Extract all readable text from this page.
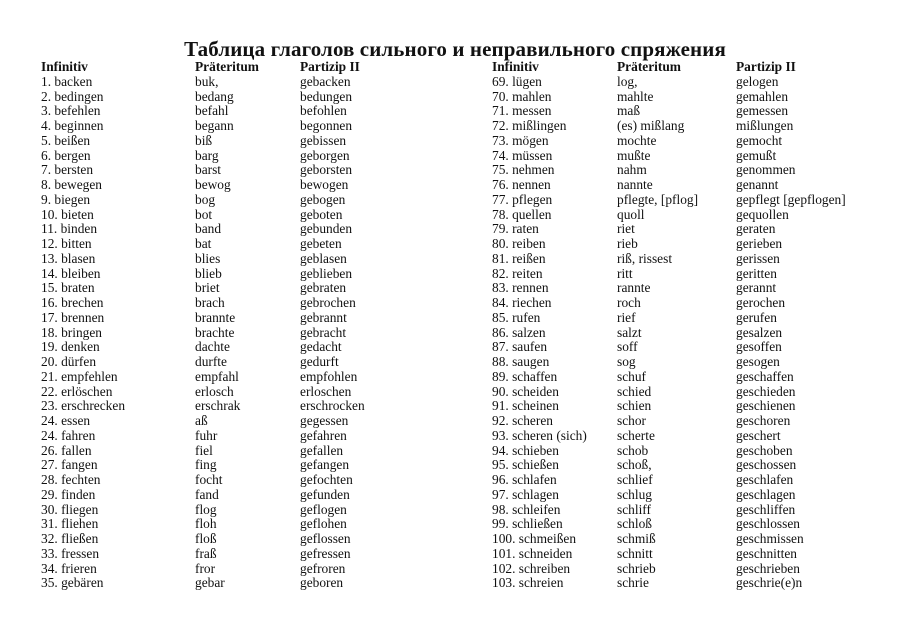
Таблица глаголов сильного и неправильного спряжения
Infinitiv	Präteritum	Partizip II
1. backen	buk,	gebacken
2. bedingen	bedang	bedungen
3. befehlen	befahl	befohlen
4. beginnen	begann	begonnen
5. beißen	biß	gebissen
6. bergen	barg	geborgen
7. bersten	barst	geborsten
8. bewegen	bewog	bewogen
9. biegen	bog	gebogen
10. bieten	bot	geboten
11. binden	band	gebunden
12. bitten	bat	gebeten
13. blasen	blies	geblasen
14. bleiben	blieb	geblieben
15. braten	briet	gebraten
16. brechen	brach	gebrochen
17. brennen	brannte	gebrannt
18. bringen	brachte	gebracht
19. denken	dachte	gedacht
20. dürfen	durfte	gedurft
21. empfehlen	empfahl	empfohlen
22. erlöschen	erlosch	erloschen
23. erschrecken	erschrak	erschrocken
24. essen	aß	gegessen
24. fahren	fuhr	gefahren
26. fallen	fiel	gefallen
27. fangen	fing	gefangen
28. fechten	focht	gefochten
29. finden	fand	gefunden
30. fliegen	flog	geflogen
31. fliehen	floh	geflohen
32. fließen	floß	geflossen
33. fressen	fraß	gefressen
34. frieren	fror	gefroren
35. gebären	gebar	geboren
Infinitiv	Präteritum	Partizip II
69. lügen	log,	gelogen
70. mahlen	mahlte	gemahlen
71. messen	maß	gemessen
72. mißlingen	(es) mißlang	mißlungen
73. mögen	mochte	gemocht
74. müssen	mußte	gemußt
75. nehmen	nahm	genommen
76. nennen	nannte	genannt
77. pflegen	pflegte, [pflog]	gepflegt [gepflogen]
78. quellen	quoll	gequollen
79. raten	riet	geraten
80. reiben	rieb	gerieben
81. reißen	riß, rissest	gerissen
82. reiten	ritt	geritten
83. rennen	rannte	gerannt
84. riechen	roch	gerochen
85. rufen	rief	gerufen
86. salzen	salzt	gesalzen
87. saufen	soff	gesoffen
88. saugen	sog	gesogen
89. schaffen	schuf	geschaffen
90. scheiden	schied	geschieden
91. scheinen	schien	geschienen
92. scheren	schor	geschoren
93. scheren (sich)	scherte	geschert
94. schieben	schob	geschoben
95. schießen	schoß,	geschossen
96. schlafen	schlief	geschlafen
97. schlagen	schlug	geschlagen
98. schleifen	schliff	geschliffen
99. schließen	schloß	geschlossen
100. schmeißen	schmiß	geschmissen
101. schneiden	schnitt	geschnitten
102. schreiben	schrieb	geschrieben
103. schreien	schrie	geschrie(e)n
